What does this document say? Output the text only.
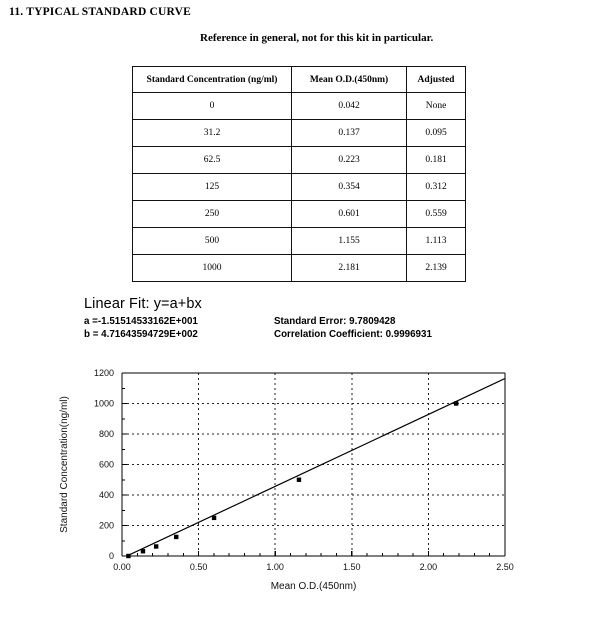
11. TYPICAL STANDARD CURVE
Reference in general, not for this kit in particular.
Standard Concentration (ng/ml)	Mean O.D.(450nm)	Adjusted
0	0.042	None
31.2	0.137	0.095
62.5	0.223	0.181
125	0.354	0.312
250	0.601	0.559
500	1.155	1.113
1000	2.181	2.139
Linear Fit: y=a+bx
a =-1.51514533162E+001	Standard Error: 9.7809428
b = 4.71643594729E+002	Correlation Coefficient: 0.9996931
0.00	0.50	1.00	1.50	2.00	2.50
0
200
400
600
800
1000
1200
Mean O.D.(450nm)
Standard Concentration(ng/ml)
